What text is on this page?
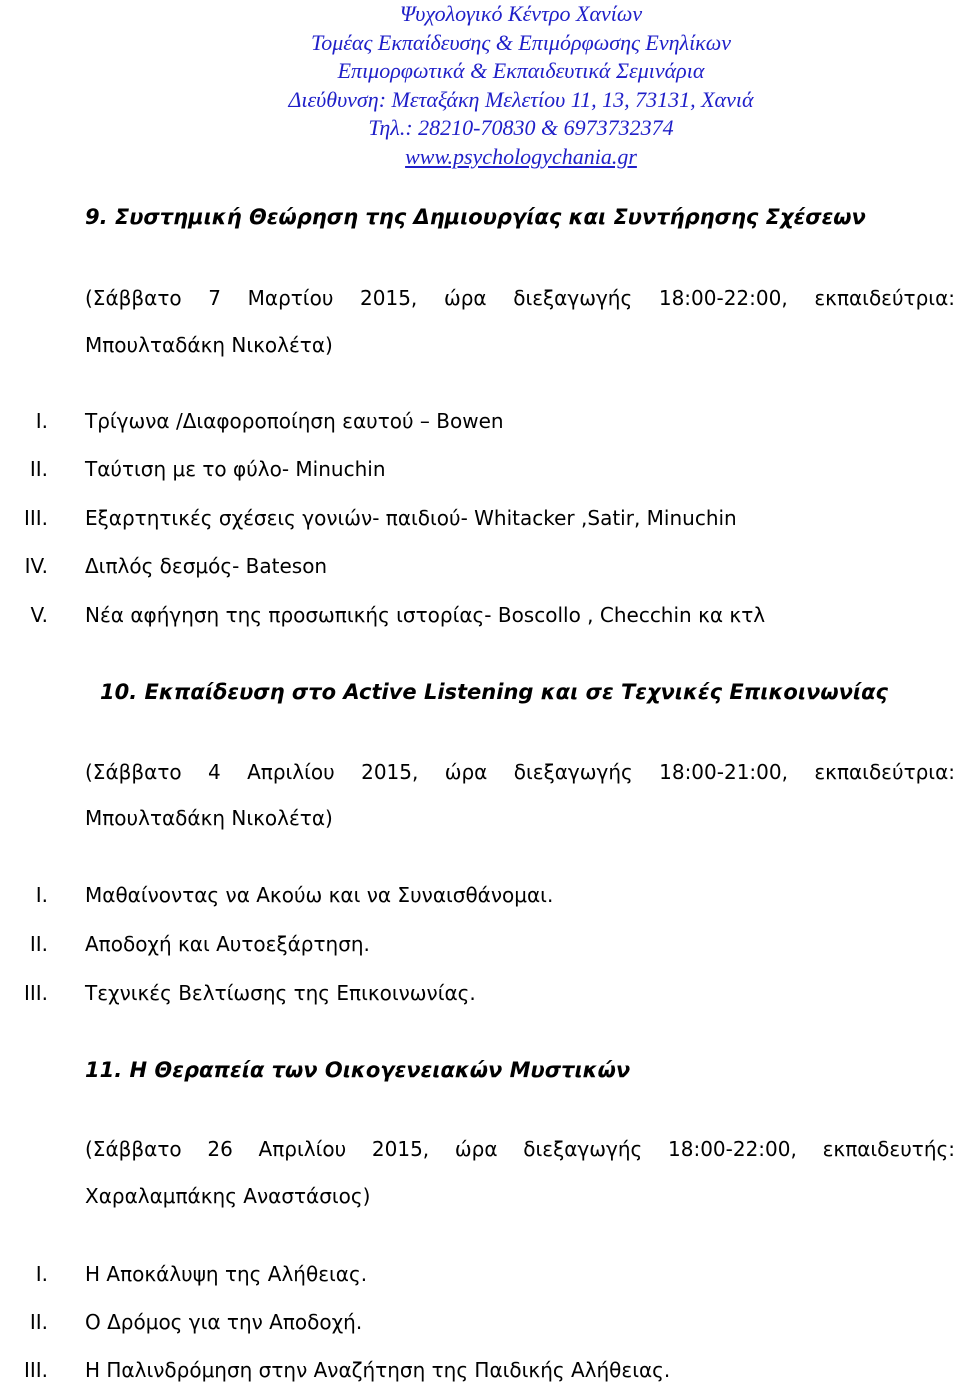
Ψυχολογικό Κέντρο Χανίων
Τομέας Εκπαίδευσης & Επιμόρφωσης Ενηλίκων
Επιμορφωτικά & Εκπαιδευτικά Σεμινάρια
Διεύθυνση: Μεταξάκη Μελετίου 11, 13, 73131, Χανιά
Τηλ.: 28210-70830 & 6973732374
www.psychologychania.gr
9. Συστημική Θεώρηση της Δημιουργίας και Συντήρησης Σχέσεων
(Σάββατο 7 Μαρτίου 2015, ώρα διεξαγωγής 18:00-22:00, εκπαιδεύτρια:
Μπουλταδάκη Νικολέτα)
I. Τρίγωνα /Διαφοροποίηση εαυτού – Bowen
II. Ταύτιση με το φύλο- Minuchin
III. Εξαρτητικές σχέσεις γονιών- παιδιού- Whitacker ,Satir, Minuchin
IV. Διπλός δεσμός- Bateson
V. Νέα αφήγηση της προσωπικής ιστορίας- Boscollo , Checchin κα κτλ
10. Εκπαίδευση στο Active Listening και σε Τεχνικές Επικοινωνίας
(Σάββατο 4 Απριλίου 2015, ώρα διεξαγωγής 18:00-21:00, εκπαιδεύτρια:
Μπουλταδάκη Νικολέτα)
I. Μαθαίνοντας να Ακούω και να Συναισθάνομαι.
II. Αποδοχή και Αυτοεξάρτηση.
III. Τεχνικές Βελτίωσης της Επικοινωνίας.
11. Η Θεραπεία των Οικογενειακών Μυστικών
(Σάββατο 26 Απριλίου 2015, ώρα διεξαγωγής 18:00-22:00, εκπαιδευτής:
Χαραλαμπάκης Αναστάσιος)
I. Η Αποκάλυψη της Αλήθειας.
II. Ο Δρόμος για την Αποδοχή.
III. Η Παλινδρόμηση στην Αναζήτηση της Παιδικής Αλήθειας.
